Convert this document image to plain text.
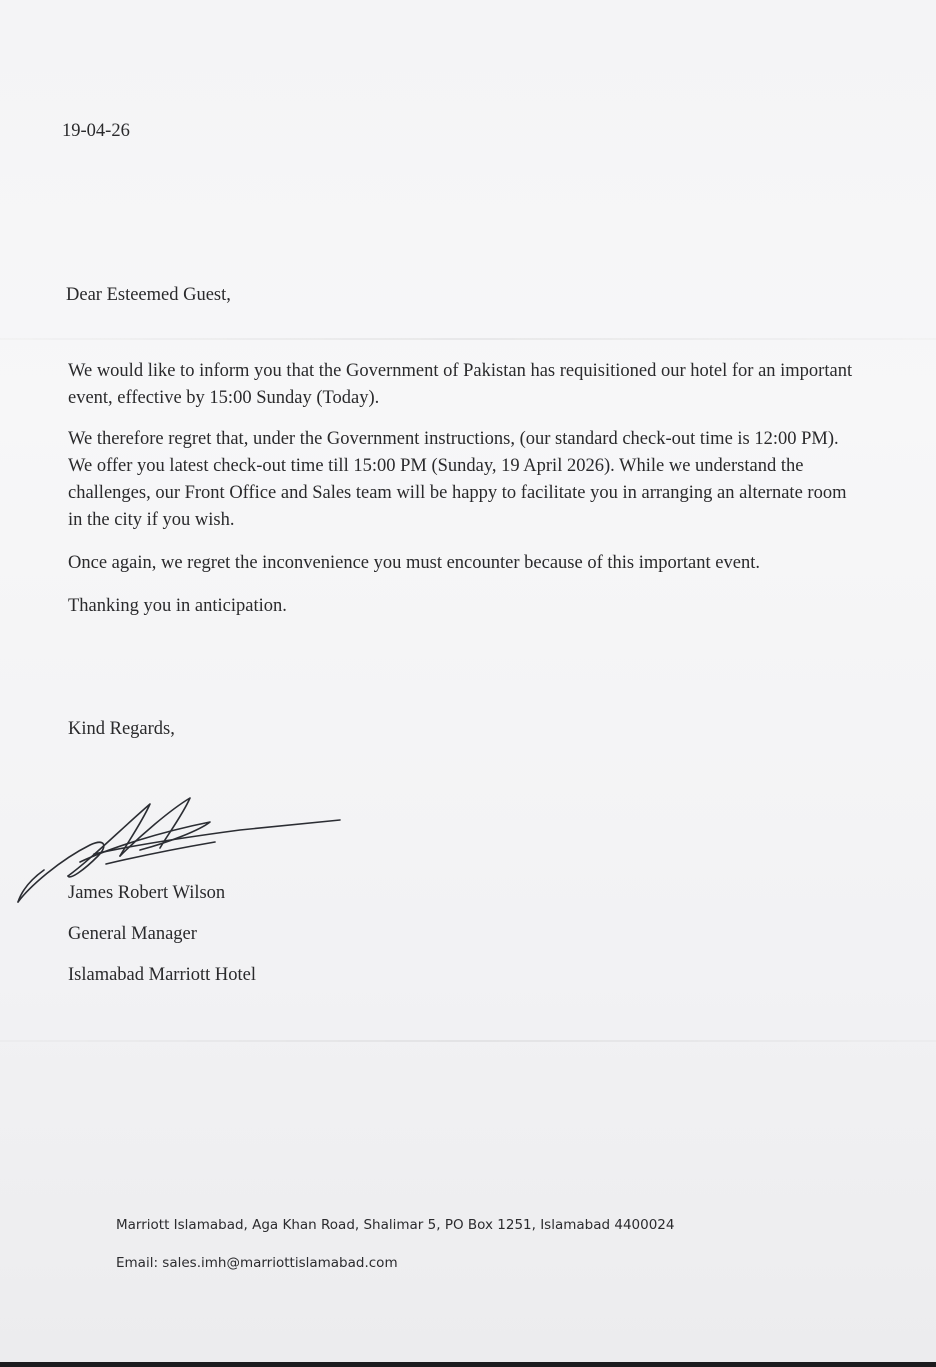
19-04-26
Dear Esteemed Guest,

We would like to inform you that the Government of Pakistan has requisitioned our hotel for an important event, effective by 15:00 Sunday (Today).

We therefore regret that, under the Government instructions, (our standard check-out time is 12:00 PM). We offer you latest check-out time till 15:00 PM (Sunday, 19 April 2026). While we understand the challenges, our Front Office and Sales team will be happy to facilitate you in arranging an alternate room in the city if you wish.

Once again, we regret the inconvenience you must encounter because of this important event.

Thanking you in anticipation.

Kind Regards,
James Robert Wilson
General Manager
Islamabad Marriott Hotel
Marriott Islamabad, Aga Khan Road, Shalimar 5, PO Box 1251, Islamabad 4400024
Email: sales.imh@marriottislamabad.com
